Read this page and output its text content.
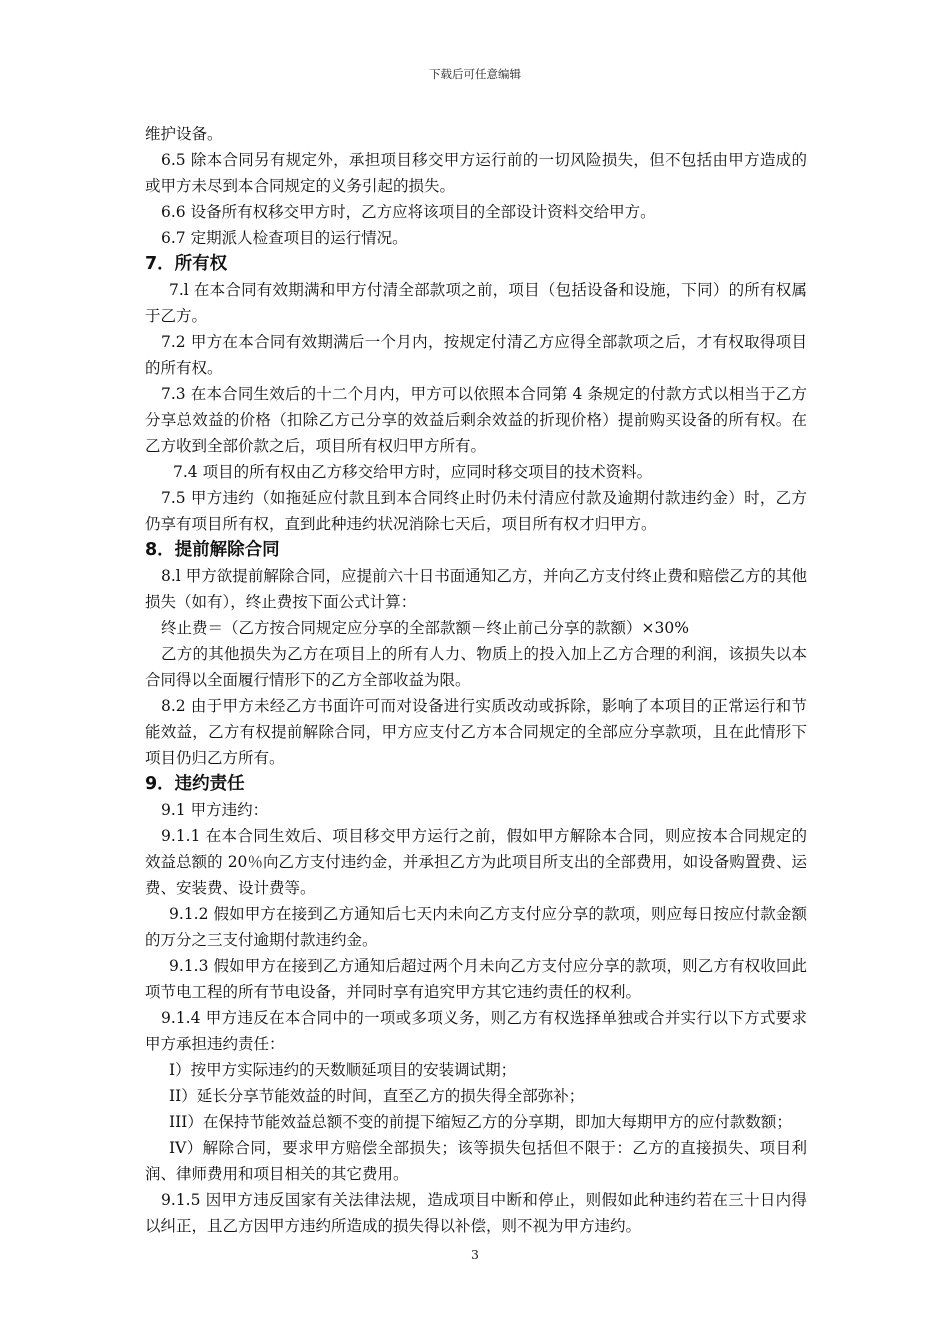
下载后可任意编辑

维护设备。

6.5 除本合同另有规定外，承担项目移交甲方运行前的一切风险损失，但不包括由甲方造成的或甲方未尽到本合同规定的义务引起的损失。

6.6 设备所有权移交甲方时，乙方应将该项目的全部设计资料交给甲方。

6.7 定期派人检查项目的运行情况。

7．所有权

7.l 在本合同有效期满和甲方付清全部款项之前，项目（包括设备和设施，下同）的所有权属于乙方。

7.2 甲方在本合同有效期满后一个月内，按规定付清乙方应得全部款项之后，才有权取得项目的所有权。

7.3 在本合同生效后的十二个月内，甲方可以依照本合同第 4 条规定的付款方式以相当于乙方分享总效益的价格（扣除乙方己分享的效益后剩余效益的折现价格）提前购买设备的所有权。在乙方收到全部价款之后，项目所有权归甲方所有。

7.4 项目的所有权由乙方移交给甲方时，应同时移交项目的技术资料。

7.5 甲方违约（如拖延应付款且到本合同终止时仍未付清应付款及逾期付款违约金）时，乙方仍享有项目所有权，直到此种违约状况消除七天后，项目所有权才归甲方。

8．提前解除合同

8.l 甲方欲提前解除合同，应提前六十日书面通知乙方，并向乙方支付终止费和赔偿乙方的其他损失（如有），终止费按下面公式计算：

终止费＝（乙方按合同规定应分享的全部款额－终止前己分享的款额）×30%

乙方的其他损失为乙方在项目上的所有人力、物质上的投入加上乙方合理的利润，该损失以本合同得以全面履行情形下的乙方全部收益为限。

8.2 由于甲方未经乙方书面许可而对设备进行实质改动或拆除，影响了本项目的正常运行和节能效益，乙方有权提前解除合同，甲方应支付乙方本合同规定的全部应分享款项，且在此情形下项目仍归乙方所有。

9．违约责任

9.1 甲方违约：

9.1.1 在本合同生效后、项目移交甲方运行之前，假如甲方解除本合同，则应按本合同规定的效益总额的 20％向乙方支付违约金，并承担乙方为此项目所支出的全部费用，如设备购置费、运费、安装费、设计费等。

9.1.2 假如甲方在接到乙方通知后七天内未向乙方支付应分享的款项，则应每日按应付款金额的万分之三支付逾期付款违约金。

9.1.3 假如甲方在接到乙方通知后超过两个月未向乙方支付应分享的款项，则乙方有权收回此项节电工程的所有节电设备，并同时享有追究甲方其它违约责任的权利。

9.1.4 甲方违反在本合同中的一项或多项义务，则乙方有权选择单独或合并实行以下方式要求甲方承担违约责任：

I）按甲方实际违约的天数顺延项目的安装调试期；

II）延长分享节能效益的时间，直至乙方的损失得全部弥补；

III）在保持节能效益总额不变的前提下缩短乙方的分享期，即加大每期甲方的应付款数额；

IV）解除合同，要求甲方赔偿全部损失；该等损失包括但不限于：乙方的直接损失、项目利润、律师费用和项目相关的其它费用。

9.1.5 因甲方违反国家有关法律法规，造成项目中断和停止，则假如此种违约若在三十日内得以纠正，且乙方因甲方违约所造成的损失得以补偿，则不视为甲方违约。

3
